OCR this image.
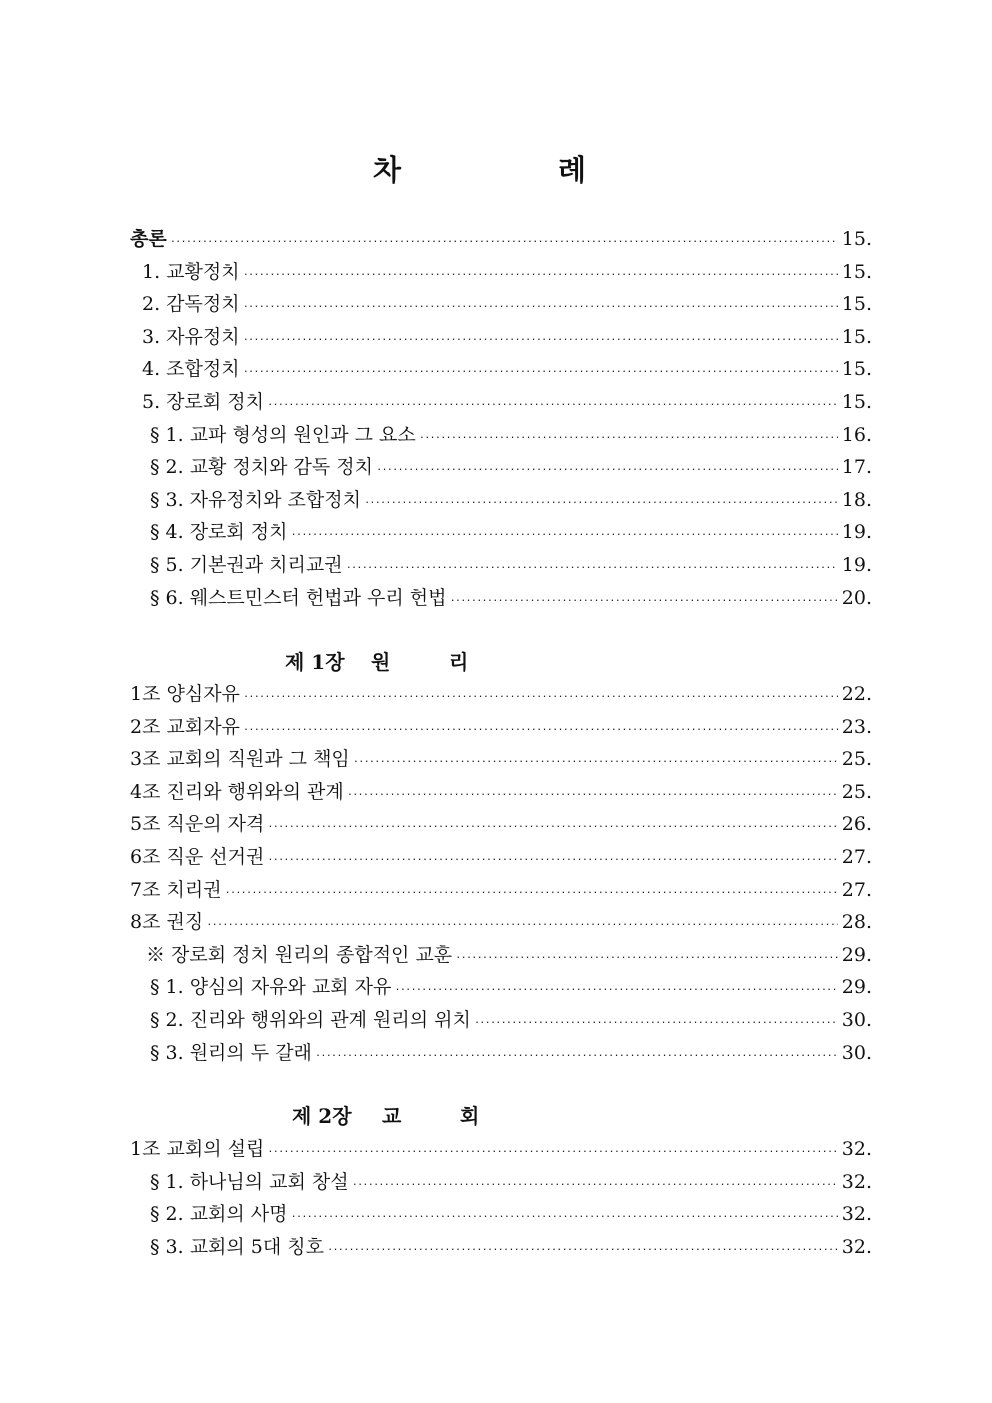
차	례
총론 ·····	15.
1. 교황정치 ·····	15.
2. 감독정치 ·····	15.
3. 자유정치 ·····	15.
4. 조합정치 ·····	15.
5. 장로회 정치 ·····	15.
§ 1. 교파 형성의 원인과 그 요소 ·····	16.
§ 2. 교황 정치와 감독 정치 ·····	17.
§ 3. 자유정치와 조합정치 ·····	18.
§ 4. 장로회 정치 ·····	19.
§ 5. 기본권과 치리교권 ·····	19.
§ 6. 웨스트민스터 헌법과 우리 헌법 ·····	20.
제 1장 원	리
1조 양심자유 ·····	22.
2조 교회자유 ·····	23.
3조 교회의 직원과 그 책임 ·····	25.
4조 진리와 행위와의 관계 ·····	25.
5조 직운의 자격 ·····	26.
6조 직운 선거권 ·····	27.
7조 치리권 ·····	27.
8조 권징 ·····	28.
※ 장로회 정치 원리의 종합적인 교훈 ·····	29.
§ 1. 양심의 자유와 교회 자유 ·····	29.
§ 2. 진리와 행위와의 관계 원리의 위치 ·····	30.
§ 3. 원리의 두 갈래 ·····	30.
제 2장 교	회
1조 교회의 설립 ·····	32.
§ 1. 하나님의 교회 창설 ·····	32.
§ 2. 교회의 사명 ·····	32.
§ 3. 교회의 5대 칭호 ·····	32.
